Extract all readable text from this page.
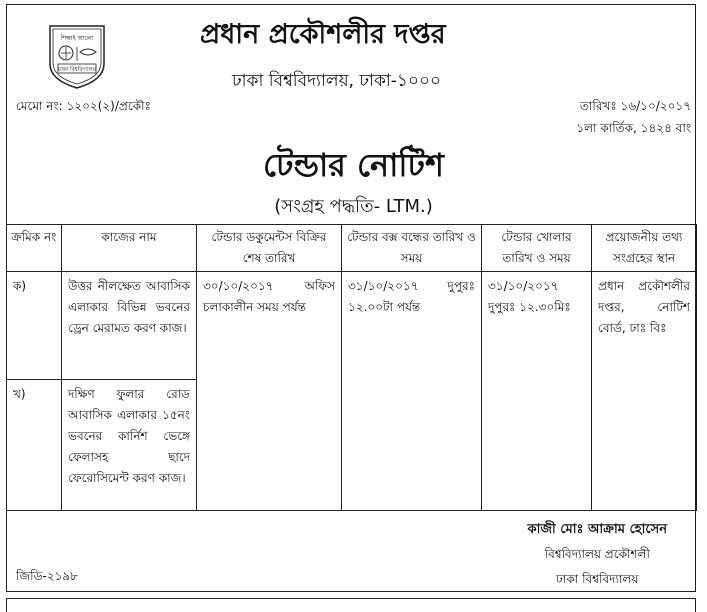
শিক্ষাই আলো
ঢাকা বিশ্ববিদ্যালয়
প্রধান প্রকৌশলীর দপ্তর
ঢাকা বিশ্ববিদ্যালয়, ঢাকা-১০০০
মেমো নং: ১২০২(২)/প্রকৌঃ	তারিখঃ ১৬/১০/২০১৭
১লা কার্তিক, ১৪২৪ বাং
টেন্ডার নোটিশ
(সংগ্রহ পদ্ধতি- LTM.)
ক্রমিক নং	কাজের নাম	টেন্ডার ডকুমেন্টস বিক্রির শেষ তারিখ	টেন্ডার বক্স বন্ধের তারিখ ও সময়	টেন্ডার খোলার তারিখ ও সময়	প্রয়োজনীয় তথ্য সংগ্রহের স্থান
ক)	উত্তর নীলক্ষেত আবাসিক এলাকার বিভিন্ন ভবনের ড্রেন মেরামত করণ কাজ।	৩০/১০/২০১৭ অফিস চলাকালীন সময় পর্যন্ত	৩১/১০/২০১৭ দুপুরঃ ১২.০০টা পর্যন্ত	৩১/১০/২০১৭ দুপুরঃ ১২.৩০মিঃ	প্রধান প্রকৌশলীর দপ্তর, নোটিশ বোর্ড, ঢাঃ বিঃ
খ)	দক্ষিণ ফুলার রোড আবাসিক এলাকার ১৫নং ভবনের কার্নিশ ভেঙ্গে ফেলাসহ ছাদে ফেরোসিমেন্ট করণ কাজ।				
কাজী মোঃ আক্রাম হোসেন
বিশ্ববিদ্যালয় প্রকৌশলী
ঢাকা বিশ্ববিদ্যালয়
জিডি-২১৯৮
